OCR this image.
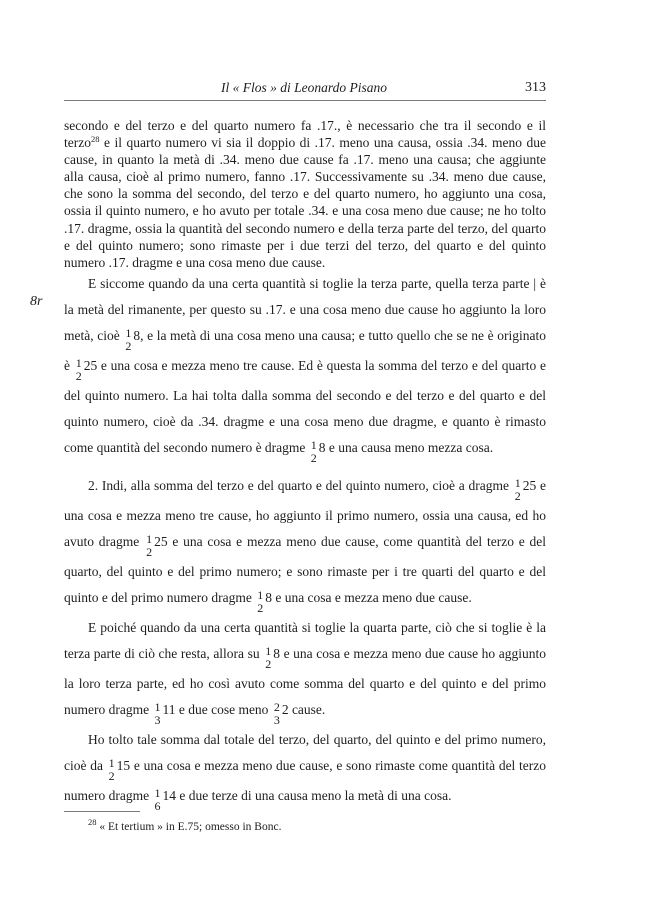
Il « Flos » di Leonardo Pisano	313
8r

secondo e del terzo e del quarto numero fa .17., è necessario che tra il secondo e il terzo$^{28}$ e il quarto numero vi sia il doppio di .17. meno una causa, ossia .34. meno due cause, in quanto la metà di .34. meno due cause fa .17. meno una causa; che aggiunte alla causa, cioè al primo numero, fanno .17. Successivamente su .34. meno due cause, che sono la somma del secondo, del terzo e del quarto numero, ho aggiunto una cosa, ossia il quinto numero, e ho avuto per totale .34. e una cosa meno due cause; ne ho tolto .17. dragme, ossia la quantità del secondo numero e della terza parte del terzo, del quarto e del quinto numero; sono rimaste per i due terzi del terzo, del quarto e del quinto numero .17. dragme e una cosa meno due cause.

E siccome quando da una certa quantità si toglie la terza parte, quella terza parte | è la metà del rimanente, per questo su .17. e una cosa meno due cause ho aggiunto la loro metà, cioè 1
2
8, e la metà di una cosa meno una causa; e tutto quello che se ne è originato è 1
2
25 e una cosa e mezza meno tre cause. Ed è questa la somma del terzo e del quarto e del quinto numero. La hai tolta dalla somma del secondo e del terzo e del quarto e del quinto numero, cioè da .34. dragme e una cosa meno due dragme, e quanto è rimasto come quantità del secondo numero è dragme 1
2
8 e una causa meno mezza cosa.

2. Indi, alla somma del terzo e del quarto e del quinto numero, cioè a dragme 1
2
25 e una cosa e mezza meno tre cause, ho aggiunto il primo numero, ossia una causa, ed ho avuto dragme 1
2
25 e una cosa e mezza meno due cause, come quantità del terzo e del quarto, del quinto e del primo numero; e sono rimaste per i tre quarti del quarto e del quinto e del primo numero dragme 1
2
8 e una cosa e mezza meno due cause.

E poiché quando da una certa quantità si toglie la quarta parte, ciò che si toglie è la terza parte di ciò che resta, allora su 1
2
8 e una cosa e mezza meno due cause ho aggiunto la loro terza parte, ed ho così avuto come somma del quarto e del quinto e del primo numero dragme 1
3
11 e due cose meno 2
3
2 cause.

Ho tolto tale somma dal totale del terzo, del quarto, del quinto e del primo numero, cioè da 1
2
15 e una cosa e mezza meno due cause, e sono rimaste come quantità del terzo numero dragme 1
6
14 e due terze di una causa meno la metà di una cosa.

$^{28}$ « Et tertium » in E.75; omesso in Bonc.
